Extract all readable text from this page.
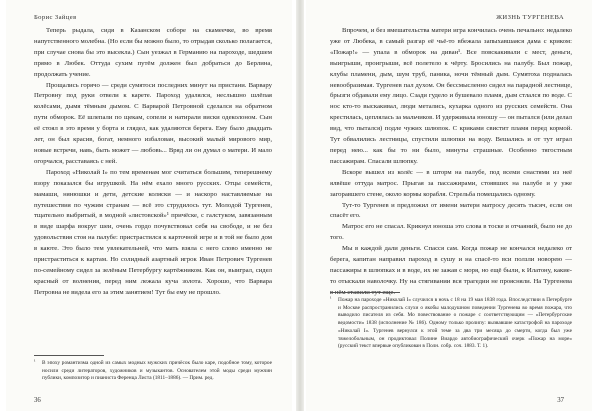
Борис Зайцев

Теперь рыдала, сидя в Казанском соборе на скамеечке, во время напутственного молебна. (Но если бы можно было, то отрыдав сколько полагается, при случае снова бы это высекла.) Сын уезжал в Германию на пароходе, шедшем прямо в Любек. Оттуда сухим путём должен был добраться до Берлина, продолжать учение.

Прощались горячо — среди сумятоси последних минут на пристани. Варвару Петровну под руки отвели к карете. Пароход удалялся, неслышно шлёпая колёсами, дымя тёмным дымом. С Варварой Петровной сделался на обратном пути обморок. Её шлепали по щекам, сопели и натирали виски одеколоном. Сын её стоял в это время у борта и глядел, как удаляются берега. Ему было двадцать лет, он был красив, богат, немного избалован, высокий малый мирового мир, новые встречи, навь, быть может — любовь... Вряд ли он думал о матери. И мало огорчался, расставаясь с ней.

Пароход «Николай I» по тем временам мог считаться большим, теперешнему взору показался бы игрушкой. На нём ехало много русских. Отцы семейств, мамаши, нянюшки и дети, детские коляски — и наскоро наставляемые на путешествия по чужим странам — всё это струдилось тут. Молодой Тургенев, тщательно выбритый, в модной «листовской»¹ причёске, с галстуком, завязанным в виде шарфа вокруг шеи, очень гордо почувствовал себя на свободе, и не без удовольствия стоя на палубе: пристрастился к карточной игре и в той не было дом в каюте. Это было тем увлекательней, что мать взяла с него слово именно не пристраститься к картам. Но солидный азартный игрок Иван Петрович Тургенев по-семейному сидел за зелёным Петербургу картёжником. Как он, выиграл, сидел красный от волнения, перед ним лежала куча золота. Хорошо, что Варвара Петровна не видела его за этим занятием! Тут бы ему не прошло.

¹	В эпоху романтизма одной из самых модных мужских причёсок было каре, подобное тому, которое носили среди литераторов, художников и музыкантов. Основателем этой моды среди мужчин публики, композитор и пианиста Ференца Листа (1811–1886). — Прим. ред.
36
ЖИЗНЬ ТУРГЕНЕВА

Впрочем, и без вмешательства матери игра кончилась очень печально: недалеко уже от Любека, в самый разгар её чьё-то вбежала запыхавшаяся дама с криком: «Пожар!» — упала в обморок на диван¹. Все повскакивали с мест, деньги, выигрыши, проигрыши, всё полетело к чёрту. Бросились на палубу. Был пожар, клубы пламени, дым, шум труб, паника, ночи тёмный дым. Сумятоха подналась невообразимая. Тургенев пал духом. Он бессмысленно сидел на парадной лестнице, брызги обдавали ему лицо. Сзади гудело и бушевало пламя, дым стлался по воде. С нос кто-то выскакивал, люди метались, кухарка одного из русских семейств. Она крестилась, цеплялась за мальчиков. И удерживала юношу — он пытался (или делал вид, что пытался) подле чужих шлюпок. С криками свистит пламя перед кормой. Тут обвалились лестницы, спустили шлюпки на воду. Вешались и от тут играл перед нею... как бы то ни было, минуты страшные. Особенно тягостным пассажирам. Спасали шлюпку.

Вскоре вышел из колёс — в шторм на палубе, под всеми снастями из неё ялвёше оттуда матрос. Прыгая за пассажирами, стоявших на палубе и у уже загоравшего стене, около кормы корабля. Стрельба помещались одному.

Тут-то Тургенев и предложил от имени матери матросу десять тысяч, если он спасёт его.

Матрос его не спасал. Крикнул юноша это слова в тоске и отчаяний, было не до того.

Мы в каждой дали деньги. Спасся сам. Когда пожар не кончался недалеко от берега, капитан направил пароход в сушу и на спасё-то вси ползли новорею — пассажиры в шлюпках и в воде, их не зажав с моря, но ещё были, к Илатону, какие-то отыскали наволочку. Ну на стягивании вся трагедии не проясняли. На Тургенева в нём ставили тут еще.

¹	Пожар на пароходе «Николай I» случился в ночь с 18 на 19 мая 1838 года. Впоследствии в Петербурге и Москве распространились слухи о якобы малодушном поведении Тургенева во время пожара, что выводило писателя из себя. Мо повествование о пожаре с соответствующим — «Петербургские ведомости» 1838 (исполнение № 186). Одному только пролипу: вызвавшие катастрофой на пароходе «Николай I». Тургенев вернулся к этой теме за два три месяца до смерти, когда был уже тяжелобольным, он продиктовал Полине Виардо автобиографический очерк «Пожар на море» (русский текст впервые опубликован в Полн. собр. соч. 1883. Т. 1).
37
